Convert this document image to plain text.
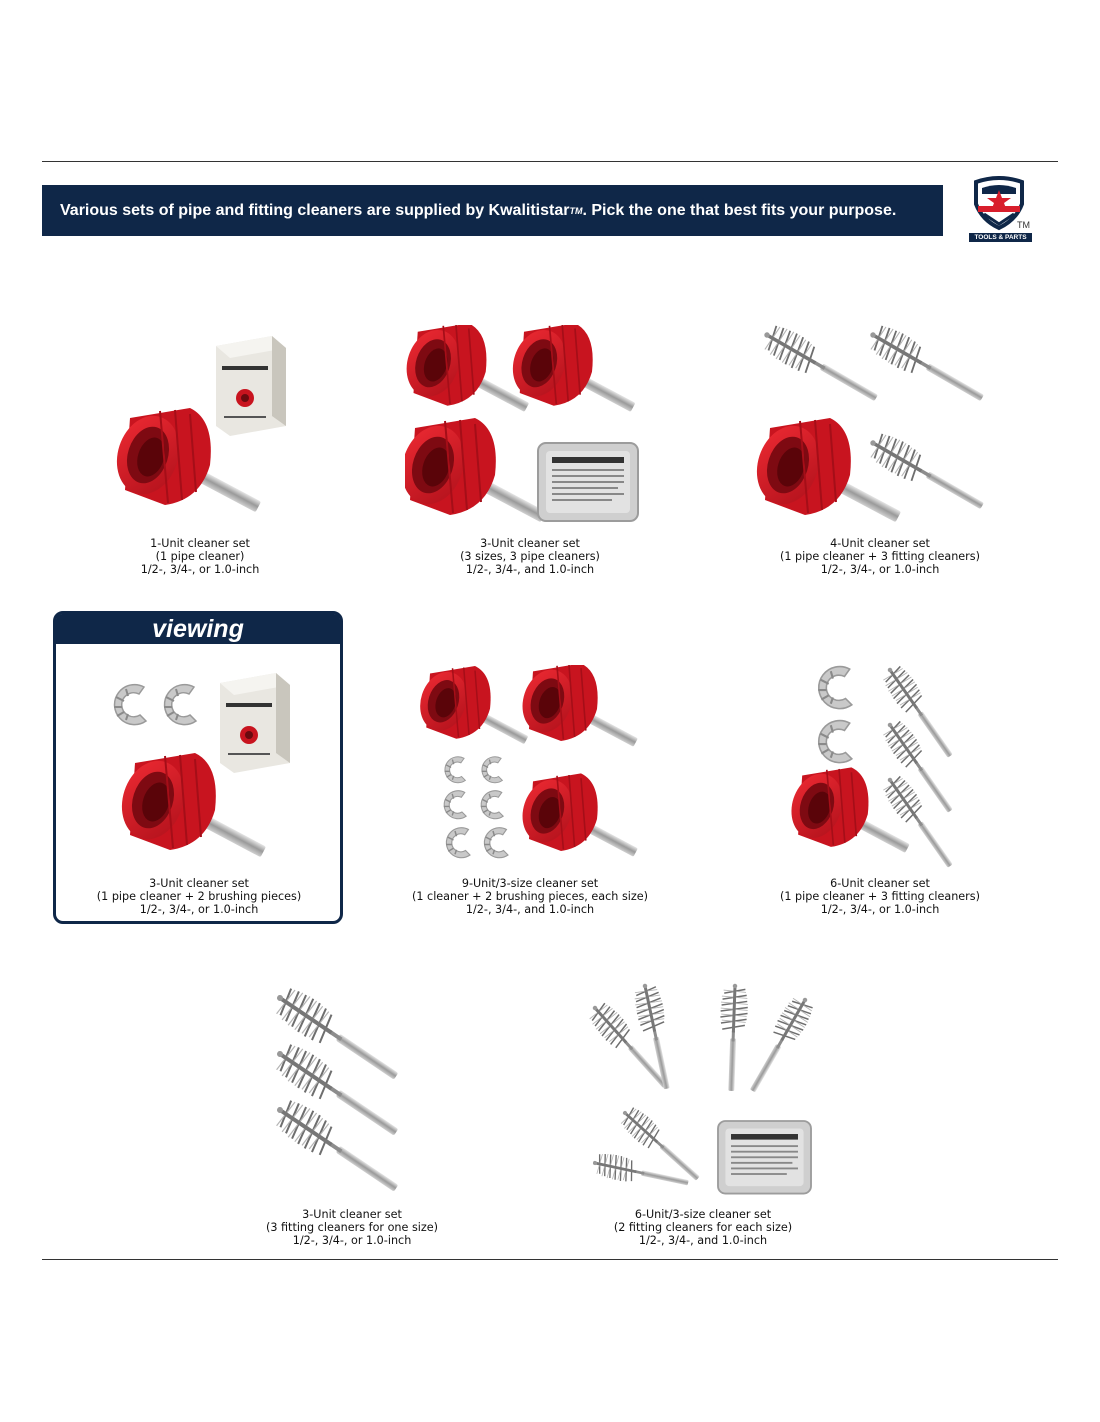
Various sets of pipe and fitting cleaners are supplied by Kwalitistar TM . Pick the one that best fits your purpose.
TM
TOOLS & PARTS
1-Unit cleaner set
(1 pipe cleaner)
1/2-, 3/4-, or 1.0-inch
3-Unit cleaner set
(3 sizes, 3 pipe cleaners)
1/2-, 3/4-, and 1.0-inch
4-Unit cleaner set
(1 pipe cleaner + 3 fitting cleaners)
1/2-, 3/4-, or 1.0-inch
viewing
3-Unit cleaner set
(1 pipe cleaner + 2 brushing pieces)
1/2-, 3/4-, or 1.0-inch
9-Unit/3-size cleaner set
(1 cleaner + 2 brushing pieces, each size)
1/2-, 3/4-, and 1.0-inch
6-Unit cleaner set
(1 pipe cleaner + 3 fitting cleaners)
1/2-, 3/4-, or 1.0-inch
3-Unit cleaner set
(3 fitting cleaners for one size)
1/2-, 3/4-, or 1.0-inch
6-Unit/3-size cleaner set
(2 fitting cleaners for each size)
1/2-, 3/4-, and 1.0-inch
